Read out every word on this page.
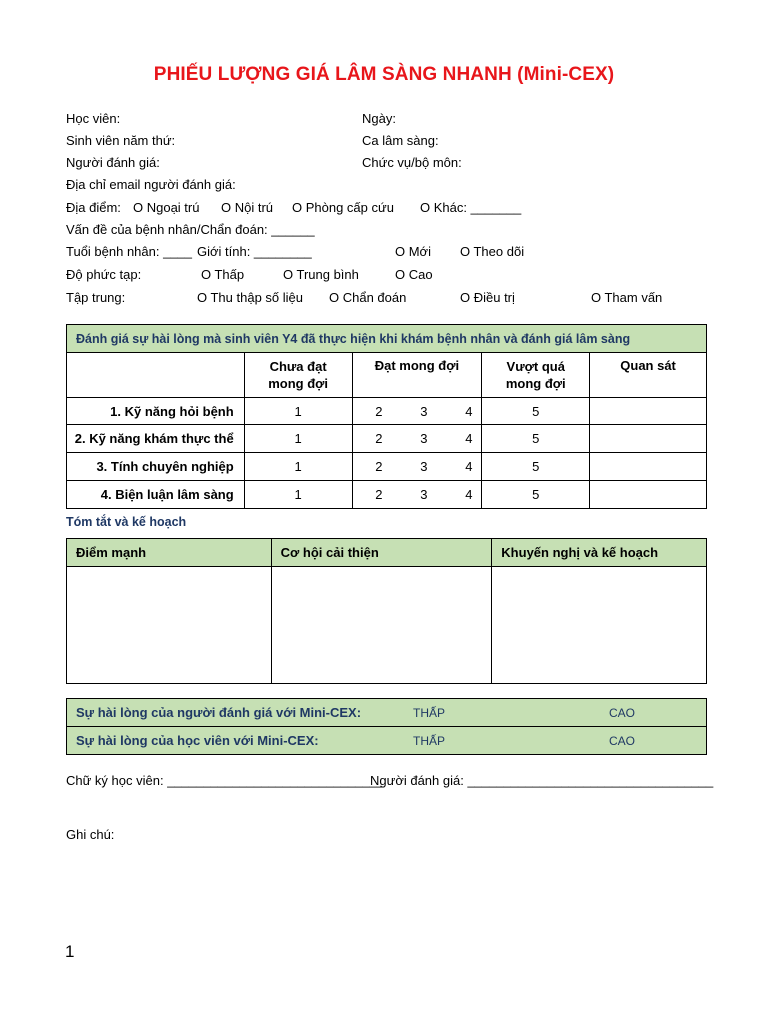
PHIẾU LƯỢNG GIÁ LÂM SÀNG NHANH (Mini-CEX)
Học viên:	Ngày:
Sinh viên năm thứ:	Ca lâm sàng:
Người đánh giá:	Chức vụ/bộ môn:
Địa chỉ email người đánh giá:
Địa điểm: O Ngoại trú O Nội trú O Phòng cấp cứu O Khác: _______
Vấn đề của bệnh nhân/Chẩn đoán: ______
Tuổi bệnh nhân: ____ Giới tính: ________	O Mới O Theo dõi
Độ phức tạp:	O Thấp	O Trung bình	O Cao
Tập trung:	O Thu thập số liệu O Chẩn đoán	O Điều trị	O Tham vấn
Đánh giá sự hài lòng mà sinh viên Y4 đã thực hiện khi khám bệnh nhân và đánh giá lâm sàng				
	Chưa đạt mong đợi	Đạt mong đợi	Vượt quá mong đợi	Quan sát
1. Kỹ năng hỏi bệnh	1	2 3 4	5	
2. Kỹ năng khám thực thể	1	2 3 4	5	
3. Tính chuyên nghiệp	1	2 3 4	5	
4. Biện luận lâm sàng	1	2 3 4	5	
Tóm tắt và kế hoạch
Điểm mạnh	Cơ hội cải thiện	Khuyến nghị và kế hoạch

Sự hài lòng của người đánh giá với Mini-CEX:	THẤP	CAO
Sự hài lòng của học viên với Mini-CEX:	THẤP	CAO
Chữ ký học viên: ______________________________
Người đánh giá: __________________________________
Ghi chú:
1
